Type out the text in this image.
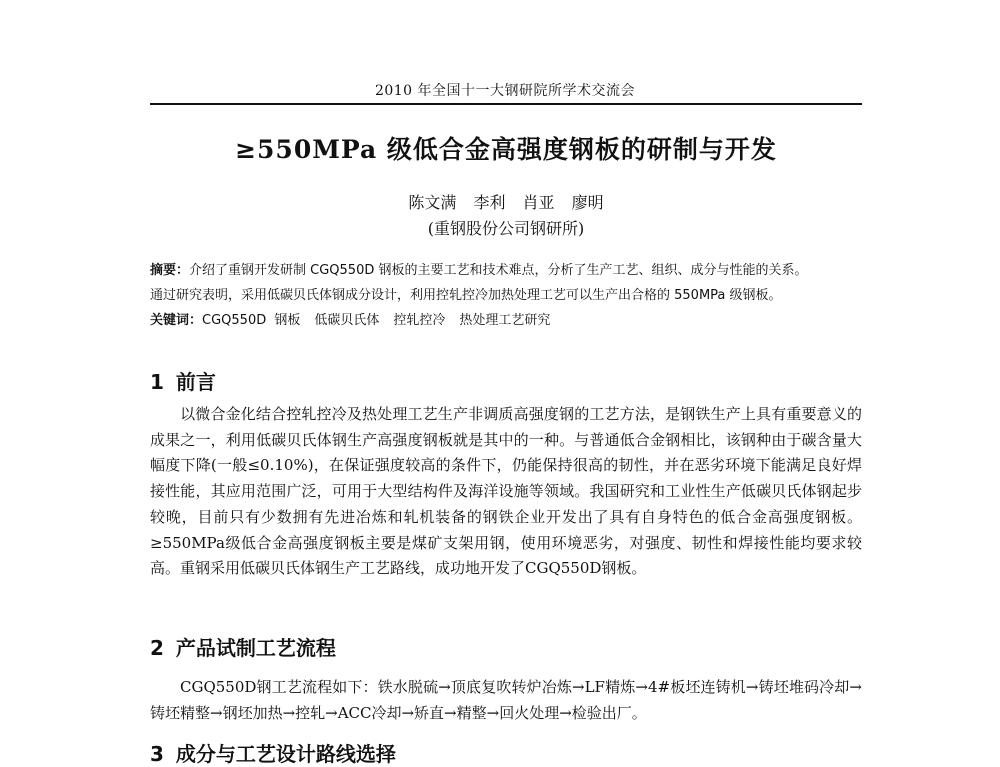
2010 年全国十一大钢研院所学术交流会
≥550MPa 级低合金高强度钢板的研制与开发
陈文满 李利 肖亚 廖明
(重钢股份公司钢研所)

摘要：介绍了重钢开发研制 CGQ550D 钢板的主要工艺和技术难点，分析了生产工艺、组织、成分与性能的关系。

通过研究表明，采用低碳贝氏体钢成分设计，利用控轧控冷加热处理工艺可以生产出合格的 550MPa 级钢板。

关键词：CGQ550D 钢板 低碳贝氏体 控轧控冷 热处理工艺研究

1 前言

以微合金化结合控轧控冷及热处理工艺生产非调质高强度钢的工艺方法，是钢铁生产上具有重要意义的成果之一，利用低碳贝氏体钢生产高强度钢板就是其中的一种。与普通低合金钢相比，该钢种由于碳含量大幅度下降(一般≤0.10%)，在保证强度较高的条件下，仍能保持很高的韧性，并在恶劣环境下能满足良好焊接性能，其应用范围广泛，可用于大型结构件及海洋设施等领域。我国研究和工业性生产低碳贝氏体钢起步较晚，目前只有少数拥有先进冶炼和轧机装备的钢铁企业开发出了具有自身特色的低合金高强度钢板。≥550MPa级低合金高强度钢板主要是煤矿支架用钢，使用环境恶劣，对强度、韧性和焊接性能均要求较高。重钢采用低碳贝氏体钢生产工艺路线，成功地开发了CGQ550D钢板。

2 产品试制工艺流程

CGQ550D钢工艺流程如下：铁水脱硫→顶底复吹转炉冶炼→LF精炼→4#板坯连铸机→铸坯堆码冷却→铸坯精整→钢坯加热→控轧→ACC冷却→矫直→精整→回火处理→检验出厂。

3 成分与工艺设计路线选择
